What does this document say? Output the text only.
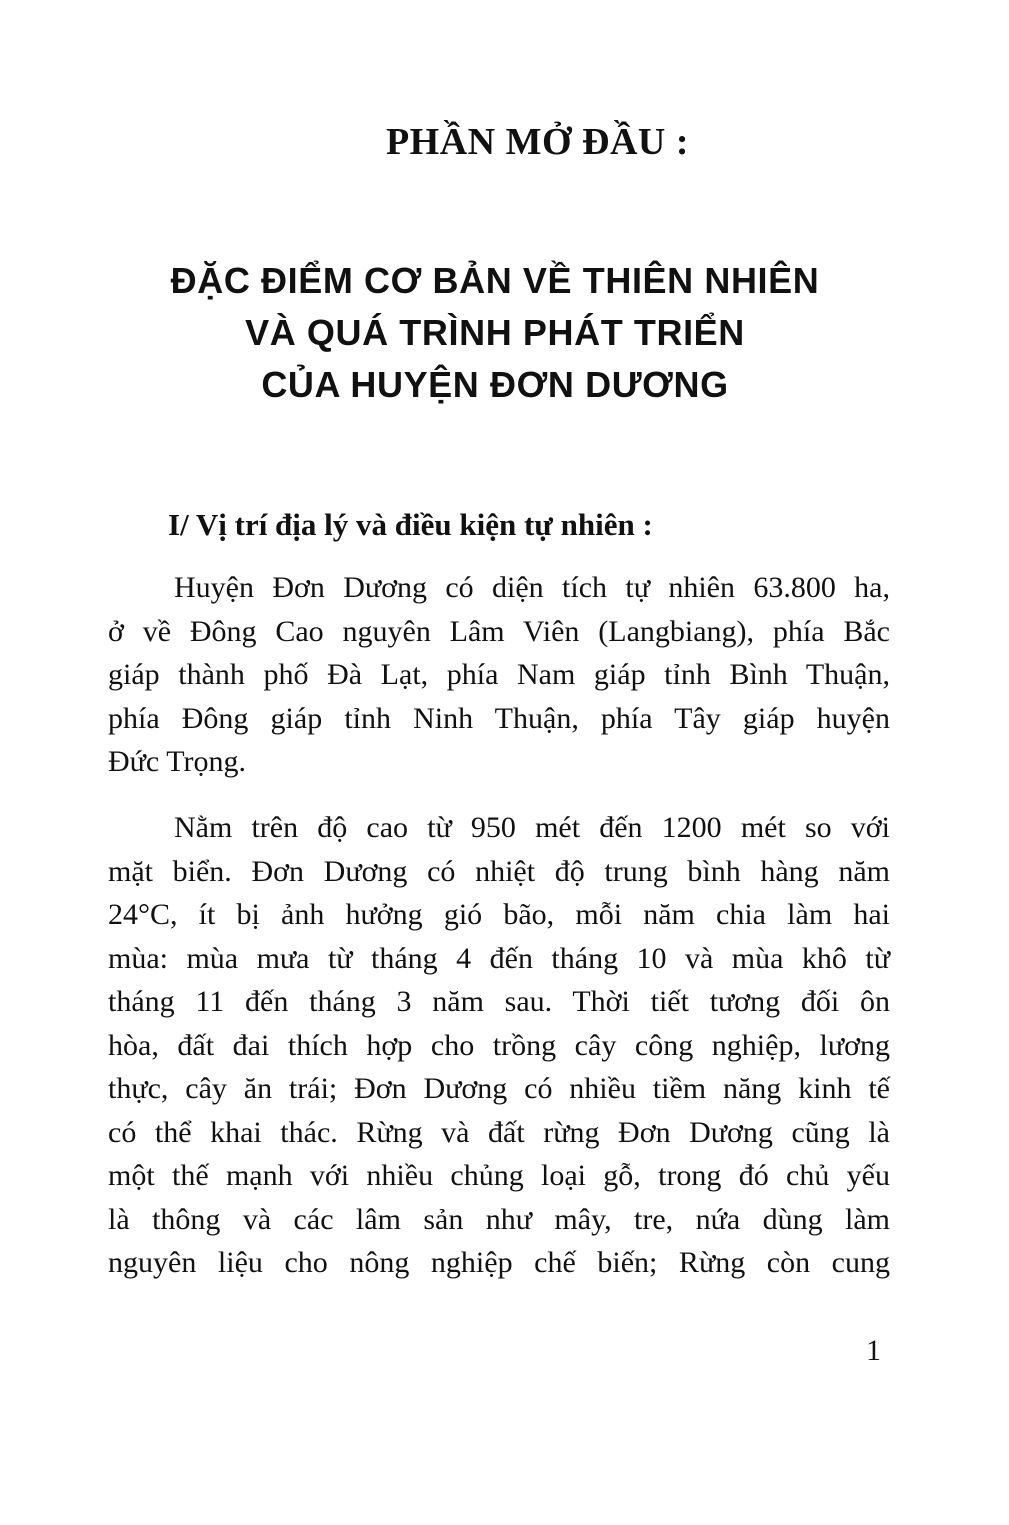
PHẦN MỞ ĐẦU :
ĐẶC ĐIỂM CƠ BẢN VỀ THIÊN NHIÊN
VÀ QUÁ TRÌNH PHÁT TRIỂN
CỦA HUYỆN ĐƠN DƯƠNG
I/ Vị trí địa lý và điều kiện tự nhiên :
Huyện Đơn Dương có diện tích tự nhiên 63.800 ha,
ở về Đông Cao nguyên Lâm Viên (Langbiang), phía Bắc
giáp thành phố Đà Lạt, phía Nam giáp tỉnh Bình Thuận,
phía Đông giáp tỉnh Ninh Thuận, phía Tây giáp huyện
Đức Trọng.
Nằm trên độ cao từ 950 mét đến 1200 mét so với
mặt biển. Đơn Dương có nhiệt độ trung bình hàng năm
24°C, ít bị ảnh hưởng gió bão, mỗi năm chia làm hai
mùa: mùa mưa từ tháng 4 đến tháng 10 và mùa khô từ
tháng 11 đến tháng 3 năm sau. Thời tiết tương đối ôn
hòa, đất đai thích hợp cho trồng cây công nghiệp, lương
thực, cây ăn trái; Đơn Dương có nhiều tiềm năng kinh tế
có thể khai thác. Rừng và đất rừng Đơn Dương cũng là
một thế mạnh với nhiều chủng loại gỗ, trong đó chủ yếu
là thông và các lâm sản như mây, tre, nứa dùng làm
nguyên liệu cho nông nghiệp chế biến; Rừng còn cung
1
